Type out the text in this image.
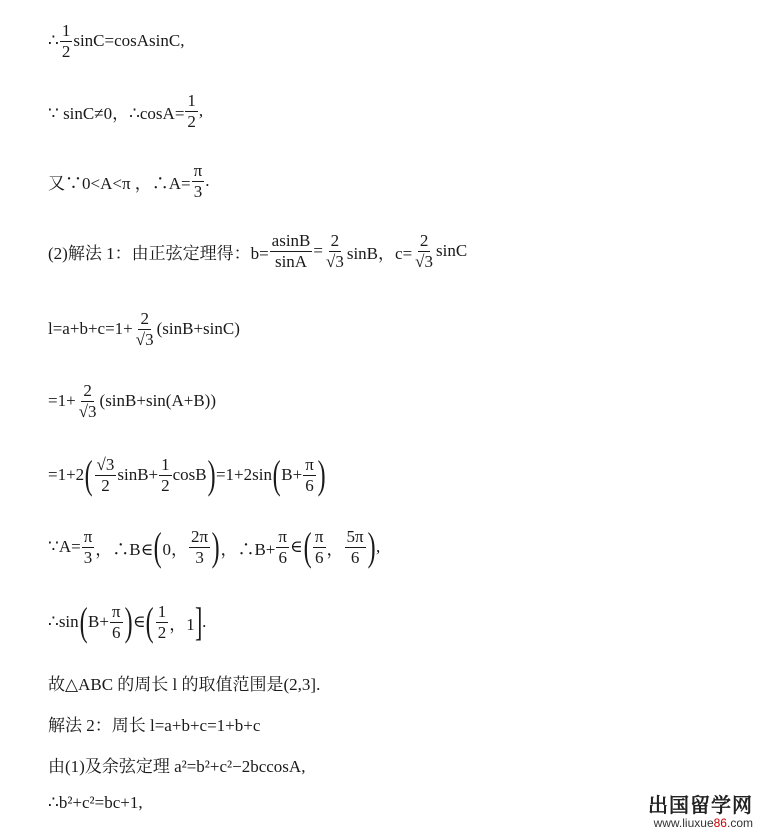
∴ $\frac{1}{2}$ sinC=cosAsinC,
∵ sinC≠0，∴cosA= $\frac{1}{2}$ ,
又∵0<A<π ，∴A= $\frac{\pi}{3}$ .
(2)解法 1：由正弦定理得：$b= \frac{asinB}{\sin A} = \frac{2}{√3}$ sinB，$c= \frac{2}{√3}$ sinC
$l=a+b+c=1+ \frac{2}{√3} (\sin B+\sin C)$
$=1+ \frac{2}{√3} (\sin B+\sin(A+B))$
=1+2 ( $\frac{√3}{2} \sin B+ \frac{1}{2}$ cosB ) =1+2sin ( $B+ \frac{\pi}{6}$ )
∵A= $\frac{\pi}{3}$ ，∴B∈ ( 0， $\frac{2\pi}{3}$ ) ，∴B+ $\frac{\pi}{6}$ ∈ ( $\frac{\pi}{6}$ ， $\frac{5\pi}{6}$ ) ,
∴sin ( $B+ \frac{\pi}{6}$ ) ∈ ( $\frac{1}{2}$ ，1 ] .
故△ABC 的周长 l 的取值范围是(2,3].
解法 2：周长 l=a+b+c=1+b+c
由(1)及余弦定理 a²=b²+c²−2bccosA,
∴b²+c²=bc+1,	出国留学网
www.liuxue86.com
